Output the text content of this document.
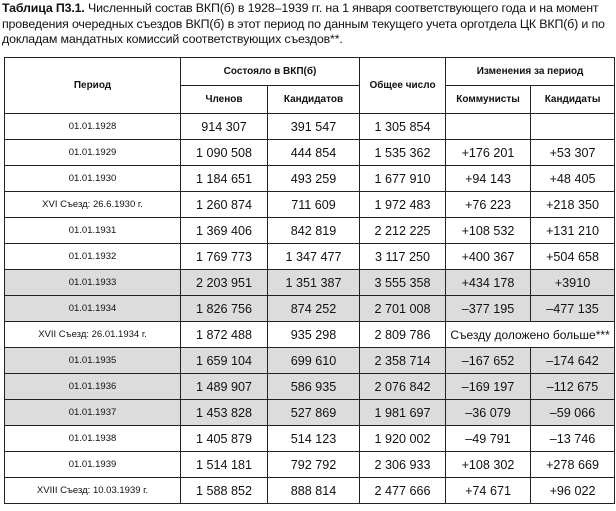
Таблица П3.1. Численный состав ВКП(б) в 1928–1939 гг. на 1 января соответствующего года и на момент проведения очередных съездов ВКП(б) в этот период по данным текущего учета орготдела ЦК ВКП(б) и по докладам мандатных комиссий соответствующих съездов**.
Период	Состояло в ВКП(б)		Общее число	Изменения за период	
	Членов	Кандидатов		Коммунисты	Кандидаты
01.01.1928	914 307	391 547	1 305 854		
01.01.1929	1 090 508	444 854	1 535 362	+176 201	+53 307
01.01.1930	1 184 651	493 259	1 677 910	+94 143	+48 405
XVI Съезд: 26.6.1930 г.	1 260 874	711 609	1 972 483	+76 223	+218 350
01.01.1931	1 369 406	842 819	2 212 225	+108 532	+131 210
01.01.1932	1 769 773	1 347 477	3 117 250	+400 367	+504 658
01.01.1933	2 203 951	1 351 387	3 555 358	+434 178	+3910
01.01.1934	1 826 756	874 252	2 701 008	–377 195	–477 135
XVII Съезд: 26.01.1934 г.	1 872 488	935 298	2 809 786	Съезду доложено больше***	
01.01.1935	1 659 104	699 610	2 358 714	–167 652	–174 642
01.01.1936	1 489 907	586 935	2 076 842	–169 197	–112 675
01.01.1937	1 453 828	527 869	1 981 697	–36 079	–59 066
01.01.1938	1 405 879	514 123	1 920 002	–49 791	–13 746
01.01.1939	1 514 181	792 792	2 306 933	+108 302	+278 669
XVIII Съезд: 10.03.1939 г.	1 588 852	888 814	2 477 666	+74 671	+96 022
